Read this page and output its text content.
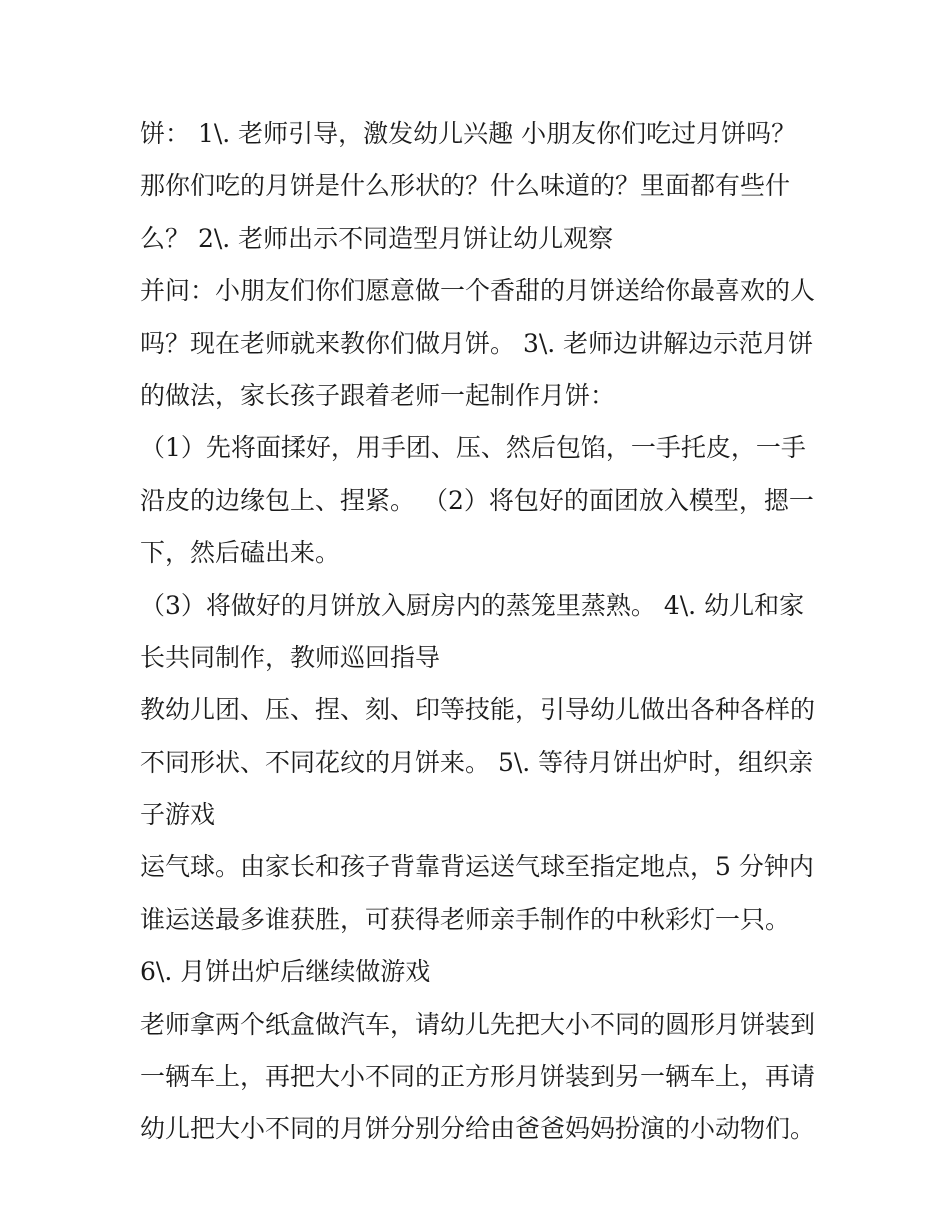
饼： 1\. 老师引导，激发幼儿兴趣 小朋友你们吃过月饼吗？
那你们吃的月饼是什么形状的？什么味道的？里面都有些什
么？ 2\. 老师出示不同造型月饼让幼儿观察
并问：小朋友们你们愿意做一个香甜的月饼送给你最喜欢的人
吗？现在老师就来教你们做月饼。 3\. 老师边讲解边示范月饼
的做法，家长孩子跟着老师一起制作月饼：
（1）先将面揉好，用手团、压、然后包馅，一手托皮，一手
沿皮的边缘包上、捏紧。 （2）将包好的面团放入模型，摁一
下，然后磕出来。
（3）将做好的月饼放入厨房内的蒸笼里蒸熟。 4\. 幼儿和家
长共同制作，教师巡回指导
教幼儿团、压、捏、刻、印等技能，引导幼儿做出各种各样的
不同形状、不同花纹的月饼来。 5\. 等待月饼出炉时，组织亲
子游戏
运气球。由家长和孩子背靠背运送气球至指定地点，5 分钟内
谁运送最多谁获胜，可获得老师亲手制作的中秋彩灯一只。
6\. 月饼出炉后继续做游戏
老师拿两个纸盒做汽车，请幼儿先把大小不同的圆形月饼装到
一辆车上，再把大小不同的正方形月饼装到另一辆车上，再请
幼儿把大小不同的月饼分别分给由爸爸妈妈扮演的小动物们。
